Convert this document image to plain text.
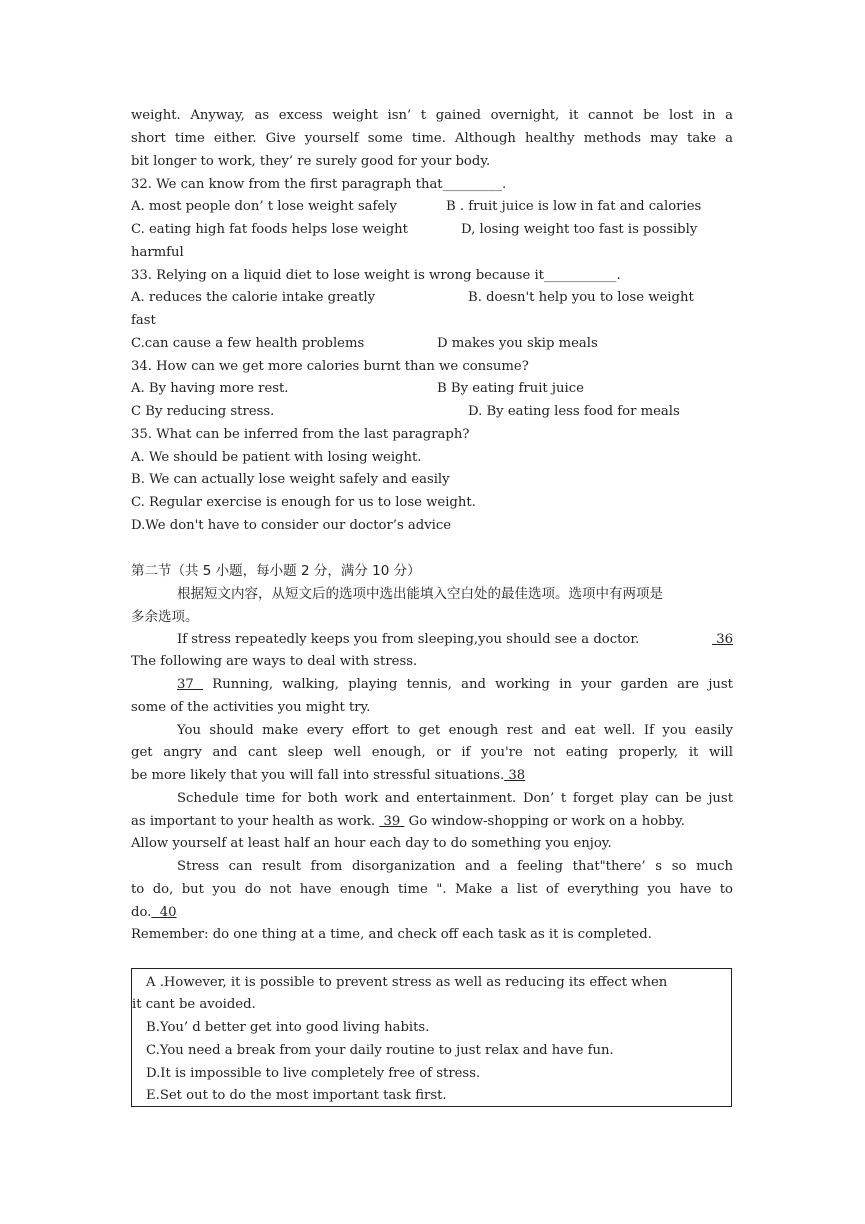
weight. Anyway, as excess weight isn’ t gained overnight, it cannot be lost in a
short time either. Give yourself some time. Although healthy methods may take a
bit longer to work, they’ re surely good for your body.
32. We can know from the first paragraph that_________.
A. most people don’ t lose weight safely	B . fruit juice is low in fat and calories
C. eating high fat foods helps lose weight	D, losing weight too fast is possibly
harmful
33. Relying on a liquid diet to lose weight is wrong because it___________.
A. reduces the calorie intake greatly	B. doesn't help you to lose weight
fast
C.can cause a few health problems	D makes you skip meals
34. How can we get more calories burnt than we consume?
A. By having more rest.	B By eating fruit juice
C By reducing stress.	D. By eating less food for meals
35. What can be inferred from the last paragraph?
A. We should be patient with losing weight.
B. We can actually lose weight safely and easily
C. Regular exercise is enough for us to lose weight.
D.We don't have to consider our doctor’s advice
第二节（共 5 小题，每小题 2 分，满分 10 分）
根据短文内容，从短文后的选项中选出能填入空白处的最佳选项。选项中有两项是
多余选项。
If stress repeatedly keeps you from sleeping,you should see a doctor.	36
The following are ways to deal with stress.
37  Running, walking, playing tennis, and working in your garden are just
some of the activities you might try.
You should make every effort to get enough rest and eat well. If you easily
get angry and cant sleep well enough, or if you're not eating properly, it will
be more likely that you will fall into stressful situations. 38
Schedule time for both work and entertainment. Don’ t forget play can be just
as important to your health as work.  39  Go window-shopping or work on a hobby.
Allow yourself at least half an hour each day to do something you enjoy.
Stress can result from disorganization and a feeling that"there’ s so much
to do, but you do not have enough time ". Make a list of everything you have to
do.  40
Remember: do one thing at a time, and check off each task as it is completed.
A .However, it is possible to prevent stress as well as reducing its effect when
it cant be avoided.
B.You’ d better get into good living habits.
C.You need a break from your daily routine to just relax and have fun.
D.It is impossible to live completely free of stress.
E.Set out to do the most important task first.
